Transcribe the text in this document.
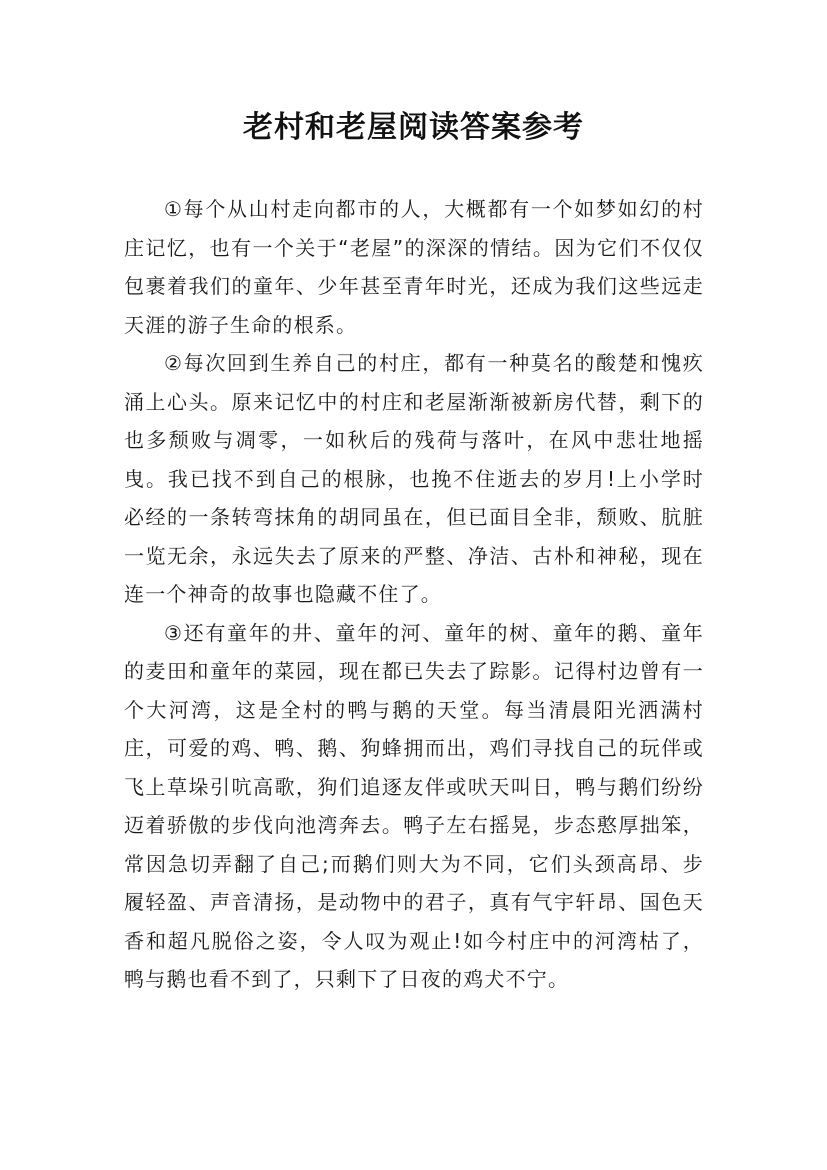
老村和老屋阅读答案参考

①每个从山村走向都市的人，大概都有一个如梦如幻的村庄记忆，也有一个关于“老屋”的深深的情结。因为它们不仅仅包裹着我们的童年、少年甚至青年时光，还成为我们这些远走天涯的游子生命的根系。

②每次回到生养自己的村庄，都有一种莫名的酸楚和愧疚涌上心头。原来记忆中的村庄和老屋渐渐被新房代替，剩下的也多颓败与凋零，一如秋后的残荷与落叶，在风中悲壮地摇曳。我已找不到自己的根脉，也挽不住逝去的岁月!上小学时必经的一条转弯抹角的胡同虽在，但已面目全非，颓败、肮脏一览无余，永远失去了原来的严整、净洁、古朴和神秘，现在连一个神奇的故事也隐藏不住了。

③还有童年的井、童年的河、童年的树、童年的鹅、童年的麦田和童年的菜园，现在都已失去了踪影。记得村边曾有一个大河湾，这是全村的鸭与鹅的天堂。每当清晨阳光洒满村庄，可爱的鸡、鸭、鹅、狗蜂拥而出，鸡们寻找自己的玩伴或飞上草垛引吭高歌，狗们追逐友伴或吠天叫日，鸭与鹅们纷纷迈着骄傲的步伐向池湾奔去。鸭子左右摇晃，步态憨厚拙笨，常因急切弄翻了自己;而鹅们则大为不同，它们头颈高昂、步履轻盈、声音清扬，是动物中的君子，真有气宇轩昂、国色天香和超凡脱俗之姿，令人叹为观止!如今村庄中的河湾枯了，鸭与鹅也看不到了，只剩下了日夜的鸡犬不宁。
